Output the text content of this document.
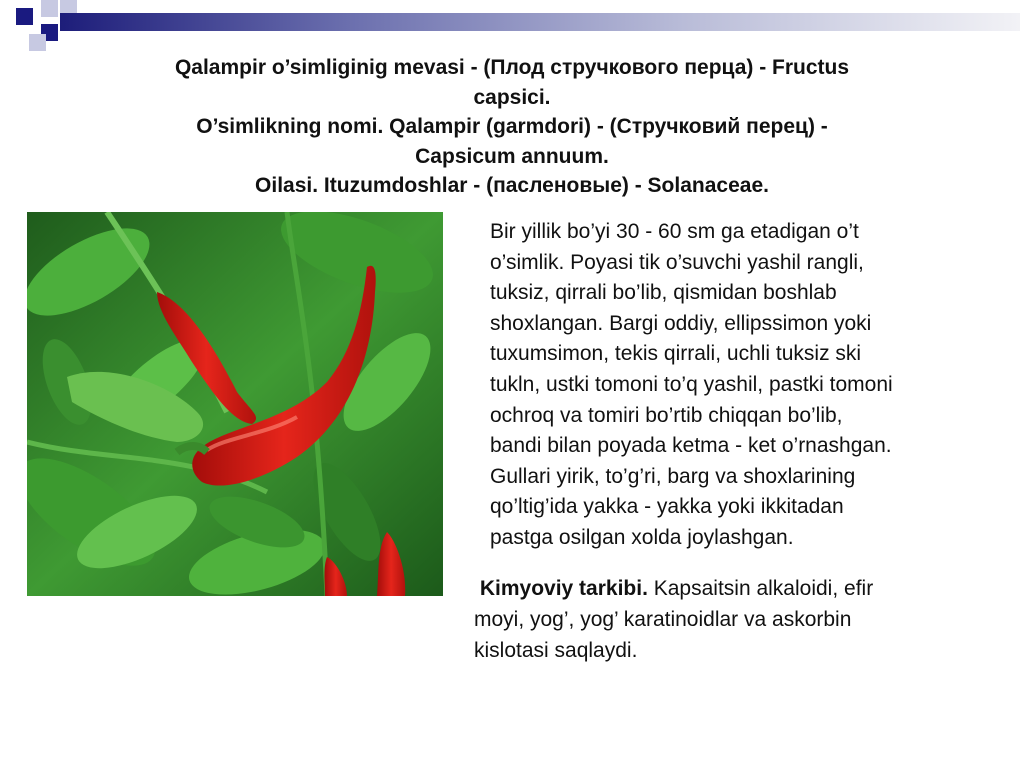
Qalampir o’simliginig mevasi - (Плод стручкового перца) - Fructus
capsici.
O’simlikning nomi. Qalampir (garmdori) - (Стручковий перец) -
Capsicum annuum.
Oilasi. Ituzumdoshlar - (пасленовые) - Solanaceae.
Bir yillik bo’yi 30 - 60 sm ga etadigan o’t
o’simlik. Poyasi tik o’suvchi yashil rangli,
tuksiz, qirrali bo’lib, qismidan boshlab
shoxlangan. Bargi oddiy, ellipssimon yoki
tuxumsimon, tekis qirrali, uchli tuksiz ski
tukln, ustki tomoni to’q yashil, pastki tomoni
ochroq va tomiri bo’rtib chiqqan bo’lib,
bandi bilan poyada ketma - ket o’rnashgan.
Gullari yirik, to’g’ri, barg va shoxlarining
qo’ltig’ida yakka - yakka yoki ikkitadan
pastga osilgan xolda joylashgan.
Kimyoviy tarkibi. Kapsaitsin alkaloidi, efir
moyi, yog’, yog’ karatinoidlar va askorbin
kislotasi saqlaydi.
